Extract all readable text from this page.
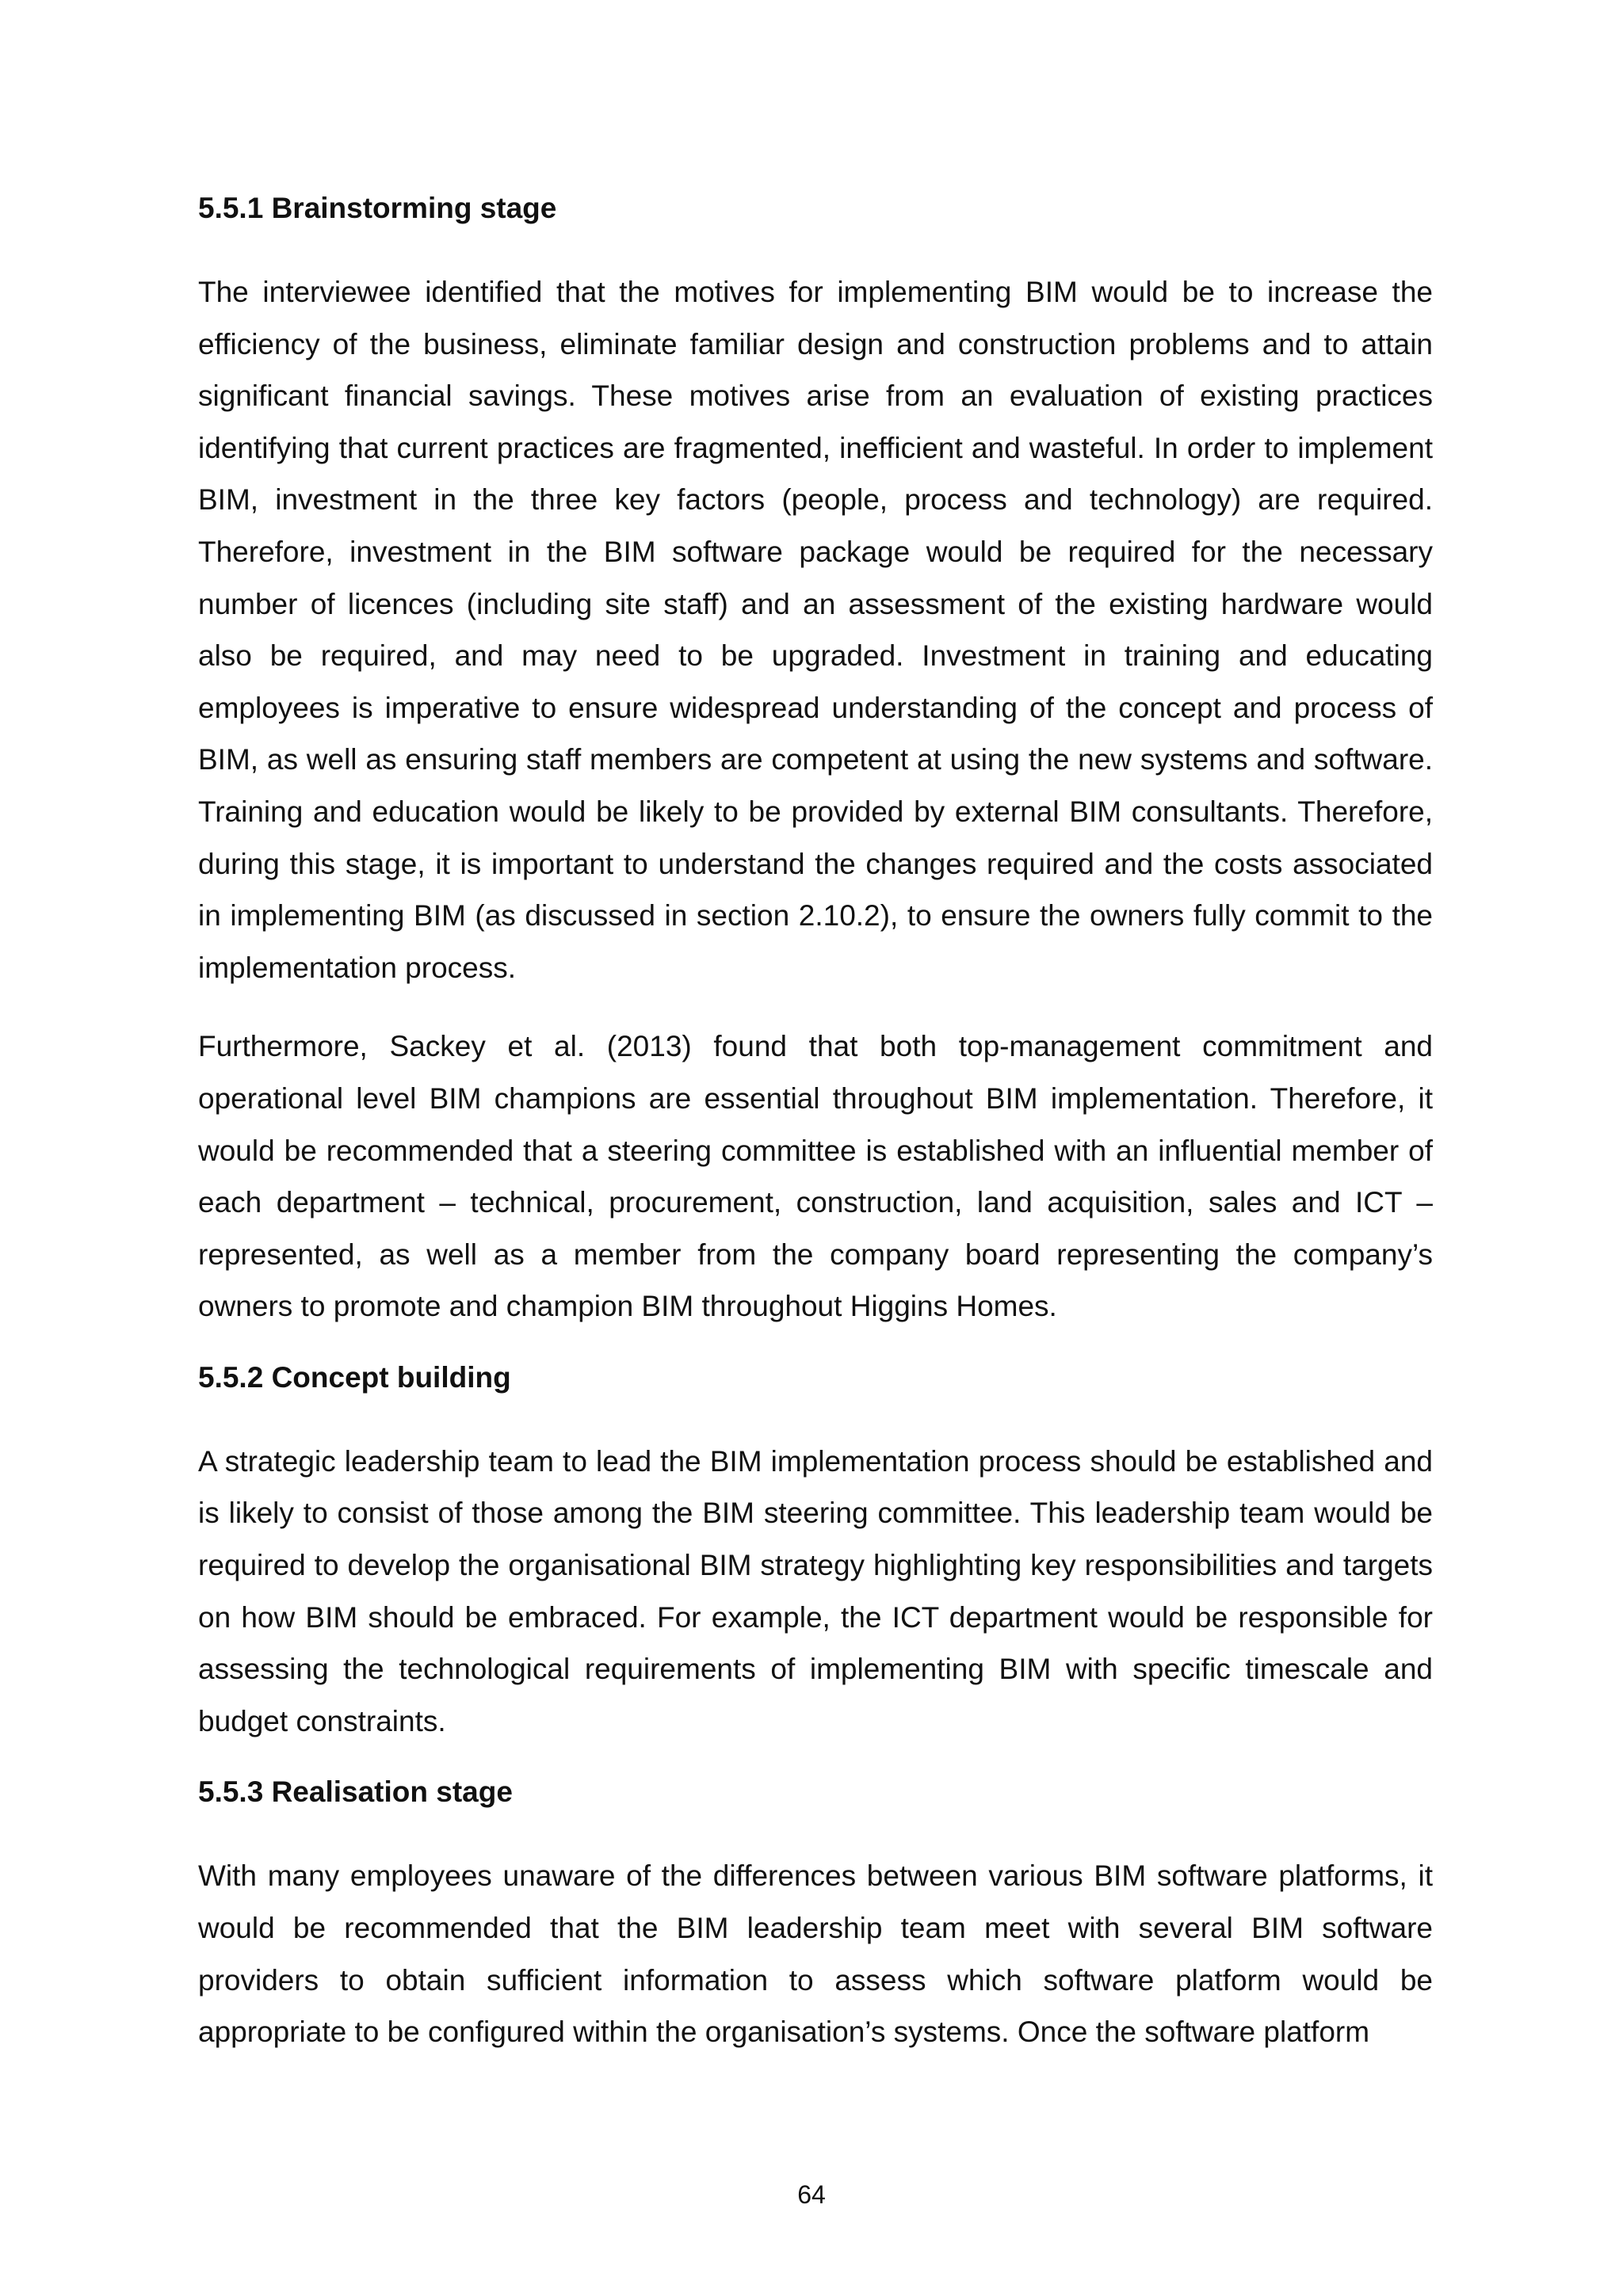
5.5.1 Brainstorming stage

The interviewee identified that the motives for implementing BIM would be to increase the efficiency of the business, eliminate familiar design and construction problems and to attain significant financial savings. These motives arise from an evaluation of existing practices identifying that current practices are fragmented, inefficient and wasteful. In order to implement BIM, investment in the three key factors (people, process and technology) are required. Therefore, investment in the BIM software package would be required for the necessary number of licences (including site staff) and an assessment of the existing hardware would also be required, and may need to be upgraded. Investment in training and educating employees is imperative to ensure widespread understanding of the concept and process of BIM, as well as ensuring staff members are competent at using the new systems and software. Training and education would be likely to be provided by external BIM consultants. Therefore, during this stage, it is important to understand the changes required and the costs associated in implementing BIM (as discussed in section 2.10.2), to ensure the owners fully commit to the implementation process.

Furthermore, Sackey et al. (2013) found that both top-management commitment and operational level BIM champions are essential throughout BIM implementation. Therefore, it would be recommended that a steering committee is established with an influential member of each department – technical, procurement, construction, land acquisition, sales and ICT – represented, as well as a member from the company board representing the company’s owners to promote and champion BIM throughout Higgins Homes.

5.5.2 Concept building

A strategic leadership team to lead the BIM implementation process should be established and is likely to consist of those among the BIM steering committee. This leadership team would be required to develop the organisational BIM strategy highlighting key responsibilities and targets on how BIM should be embraced. For example, the ICT department would be responsible for assessing the technological requirements of implementing BIM with specific timescale and budget constraints.

5.5.3 Realisation stage

With many employees unaware of the differences between various BIM software platforms, it would be recommended that the BIM leadership team meet with several BIM software providers to obtain sufficient information to assess which software platform would be appropriate to be configured within the organisation’s systems. Once the software platform

64
